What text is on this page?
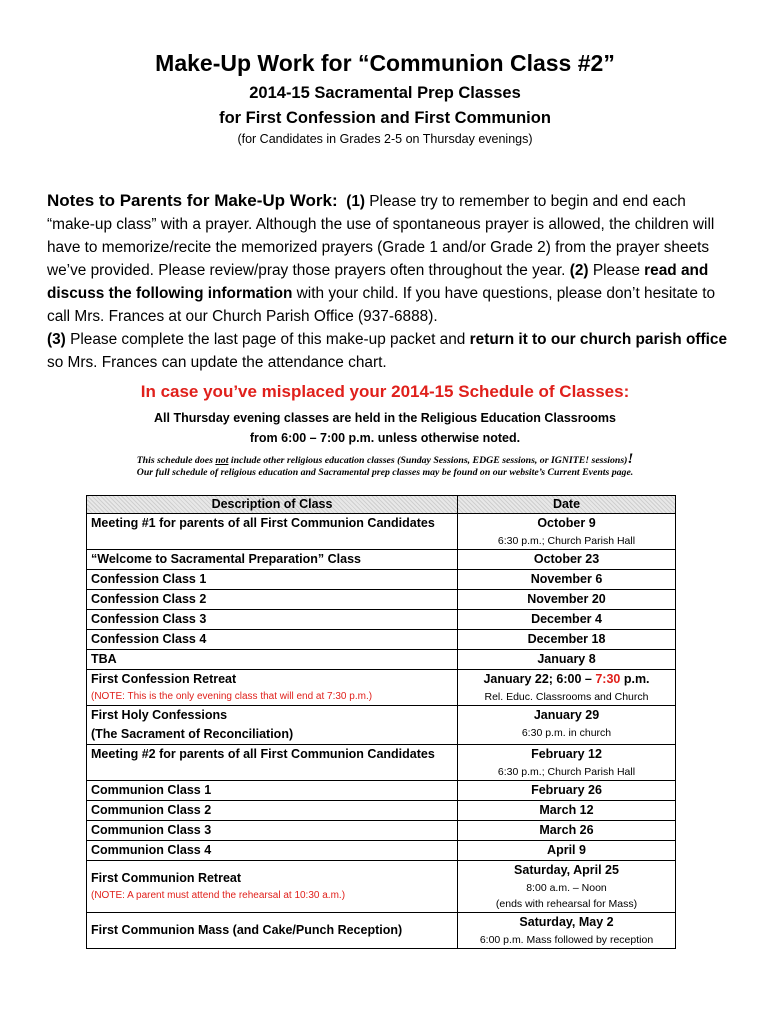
Make-Up Work for “Communion Class #2”
2014-15 Sacramental Prep Classes
for First Confession and First Communion
(for Candidates in Grades 2-5 on Thursday evenings)
Notes to Parents for Make-Up Work: (1) Please try to remember to begin and end each “make-up class” with a prayer. Although the use of spontaneous prayer is allowed, the children will have to memorize/recite the memorized prayers (Grade 1 and/or Grade 2) from the prayer sheets we’ve provided. Please review/pray those prayers often throughout the year. (2) Please read and discuss the following information with your child. If you have questions, please don’t hesitate to call Mrs. Frances at our Church Parish Office (937-6888).
(3) Please complete the last page of this make-up packet and return it to our church parish office so Mrs. Frances can update the attendance chart.
In case you’ve misplaced your 2014-15 Schedule of Classes:
All Thursday evening classes are held in the Religious Education Classrooms
from 6:00 – 7:00 p.m. unless otherwise noted.
This schedule does not include other religious education classes (Sunday Sessions, EDGE sessions, or IGNITE! sessions)!
Our full schedule of religious education and Sacramental prep classes may be found on our website’s Current Events page.
Description of Class	Date
Meeting #1 for parents of all First Communion Candidates	October 9
6:30 p.m.; Church Parish Hall

“Welcome to Sacramental Preparation” Class	October 23
Confession Class 1	November 6
Confession Class 2	November 20
Confession Class 3	December 4
Confession Class 4	December 18
TBA	January 8
First Confession Retreat
(NOTE: This is the only evening class that will end at 7:30 p.m.)	January 22; 6:00 – 7:30 p.m.
Rel. Educ. Classrooms and Church

First Holy Confessions
(The Sacrament of Reconciliation)	January 29
6:30 p.m. in church

Meeting #2 for parents of all First Communion Candidates	February 12
6:30 p.m.; Church Parish Hall

Communion Class 1	February 26
Communion Class 2	March 12
Communion Class 3	March 26
Communion Class 4	April 9
First Communion Retreat
(NOTE: A parent must attend the rehearsal at 10:30 a.m.)	Saturday, April 25
8:00 a.m. – Noon
(ends with rehearsal for Mass)

First Communion Mass (and Cake/Punch Reception)	Saturday, May 2
6:00 p.m. Mass followed by reception
